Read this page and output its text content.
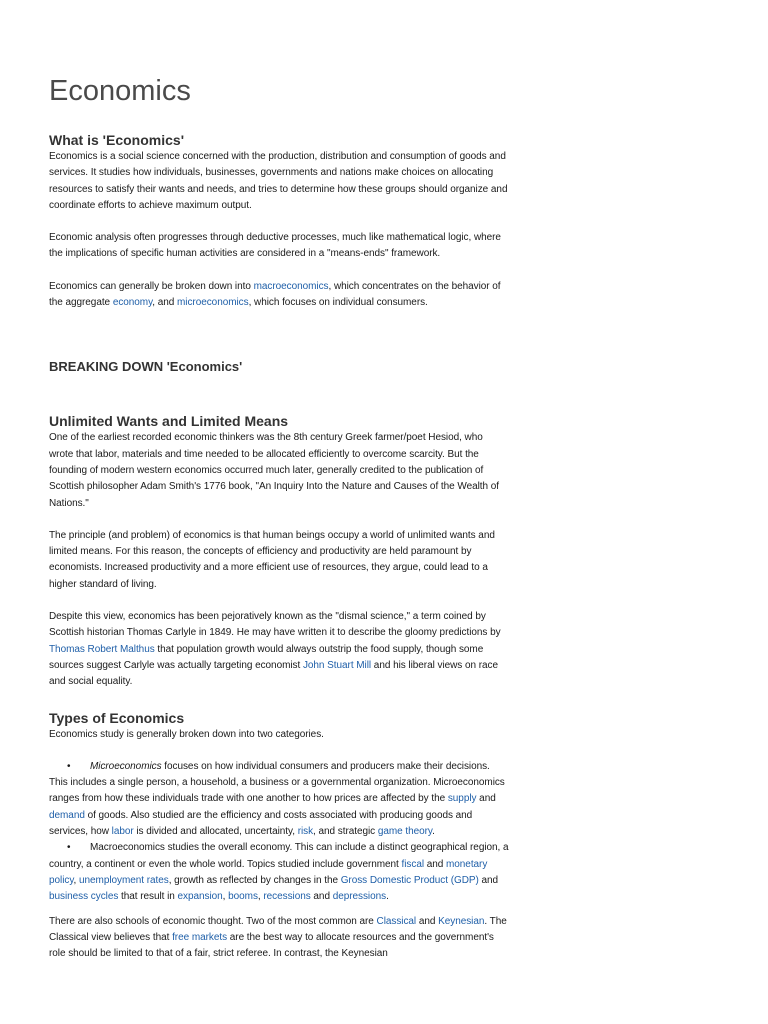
Economics
What is 'Economics'

Economics is a social science concerned with the production, distribution and consumption of goods and services. It studies how individuals, businesses, governments and nations make choices on allocating resources to satisfy their wants and needs, and tries to determine how these groups should organize and coordinate efforts to achieve maximum output.

Economic analysis often progresses through deductive processes, much like mathematical logic, where the implications of specific human activities are considered in a "means-ends" framework.

Economics can generally be broken down into macroeconomics, which concentrates on the behavior of the aggregate economy, and microeconomics, which focuses on individual consumers.

BREAKING DOWN 'Economics'
Unlimited Wants and Limited Means

One of the earliest recorded economic thinkers was the 8th century Greek farmer/poet Hesiod, who wrote that labor, materials and time needed to be allocated efficiently to overcome scarcity. But the founding of modern western economics occurred much later, generally credited to the publication of Scottish philosopher Adam Smith's 1776 book, "An Inquiry Into the Nature and Causes of the Wealth of Nations."

The principle (and problem) of economics is that human beings occupy a world of unlimited wants and limited means. For this reason, the concepts of efficiency and productivity are held paramount by economists. Increased productivity and a more efficient use of resources, they argue, could lead to a higher standard of living.

Despite this view, economics has been pejoratively known as the "dismal science," a term coined by Scottish historian Thomas Carlyle in 1849. He may have written it to describe the gloomy predictions by Thomas Robert Malthus that population growth would always outstrip the food supply, though some sources suggest Carlyle was actually targeting economist John Stuart Mill and his liberal views on race and social equality.

Types of Economics

Economics study is generally broken down into two categories.

• Microeconomics focuses on how individual consumers and producers make their decisions. This includes a single person, a household, a business or a governmental organization. Microeconomics ranges from how these individuals trade with one another to how prices are affected by the supply and demand of goods. Also studied are the efficiency and costs associated with producing goods and services, how labor is divided and allocated, uncertainty, risk, and strategic game theory.
• Macroeconomics studies the overall economy. This can include a distinct geographical region, a country, a continent or even the whole world. Topics studied include government fiscal and monetary policy, unemployment rates, growth as reflected by changes in the Gross Domestic Product (GDP) and business cycles that result in expansion, booms, recessions and depressions.

There are also schools of economic thought. Two of the most common are Classical and Keynesian. The Classical view believes that free markets are the best way to allocate resources and the government's role should be limited to that of a fair, strict referee. In contrast, the Keynesian
